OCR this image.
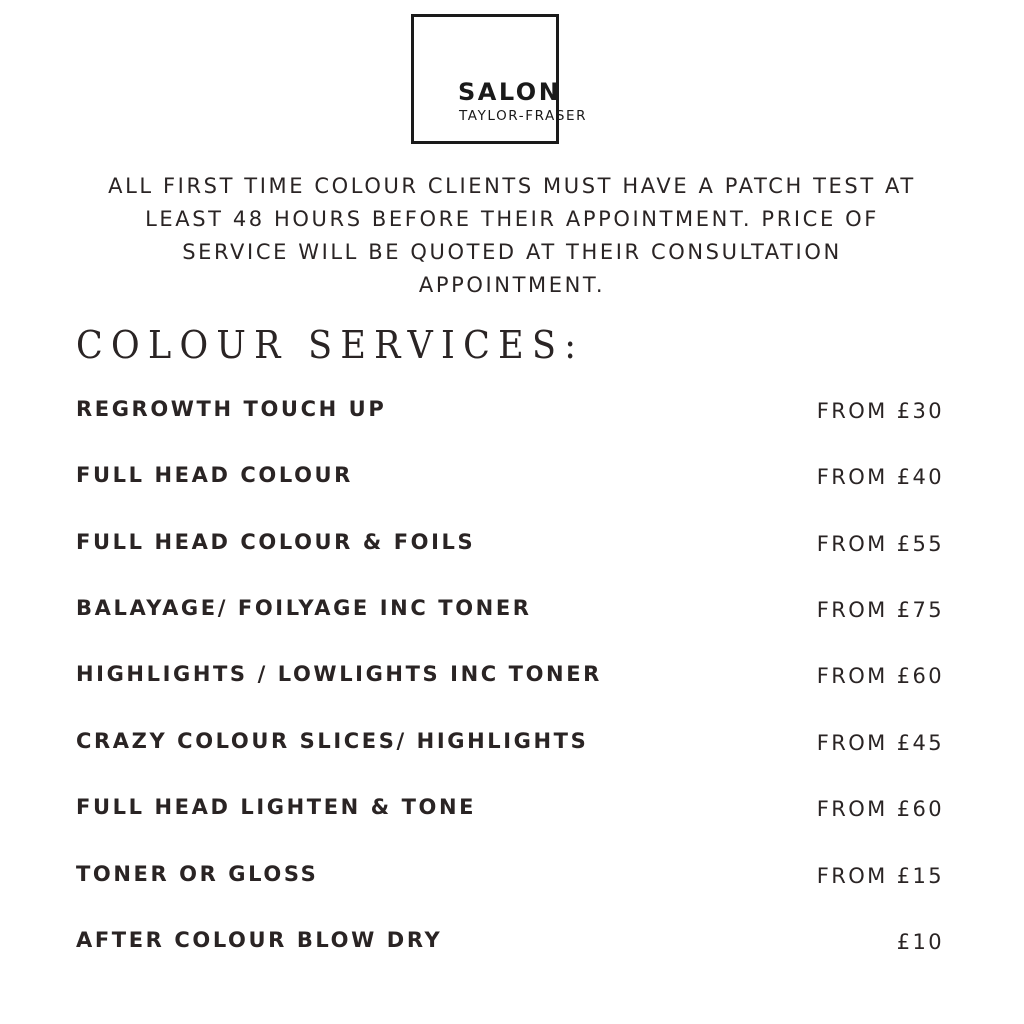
SALON
TAYLOR-FRASER
ALL FIRST TIME COLOUR CLIENTS MUST HAVE A PATCH TEST AT
LEAST 48 HOURS BEFORE THEIR APPOINTMENT. PRICE OF
SERVICE WILL BE QUOTED AT THEIR CONSULTATION
APPOINTMENT.
COLOUR SERVICES:
REGROWTH TOUCH UP	FROM £30
FULL HEAD COLOUR	FROM £40
FULL HEAD COLOUR & FOILS	FROM £55
BALAYAGE/ FOILYAGE INC TONER	FROM £75
HIGHLIGHTS / LOWLIGHTS INC TONER	FROM £60
CRAZY COLOUR SLICES/ HIGHLIGHTS	FROM £45
FULL HEAD LIGHTEN & TONE	FROM £60
TONER OR GLOSS	FROM £15
AFTER COLOUR BLOW DRY	£10
